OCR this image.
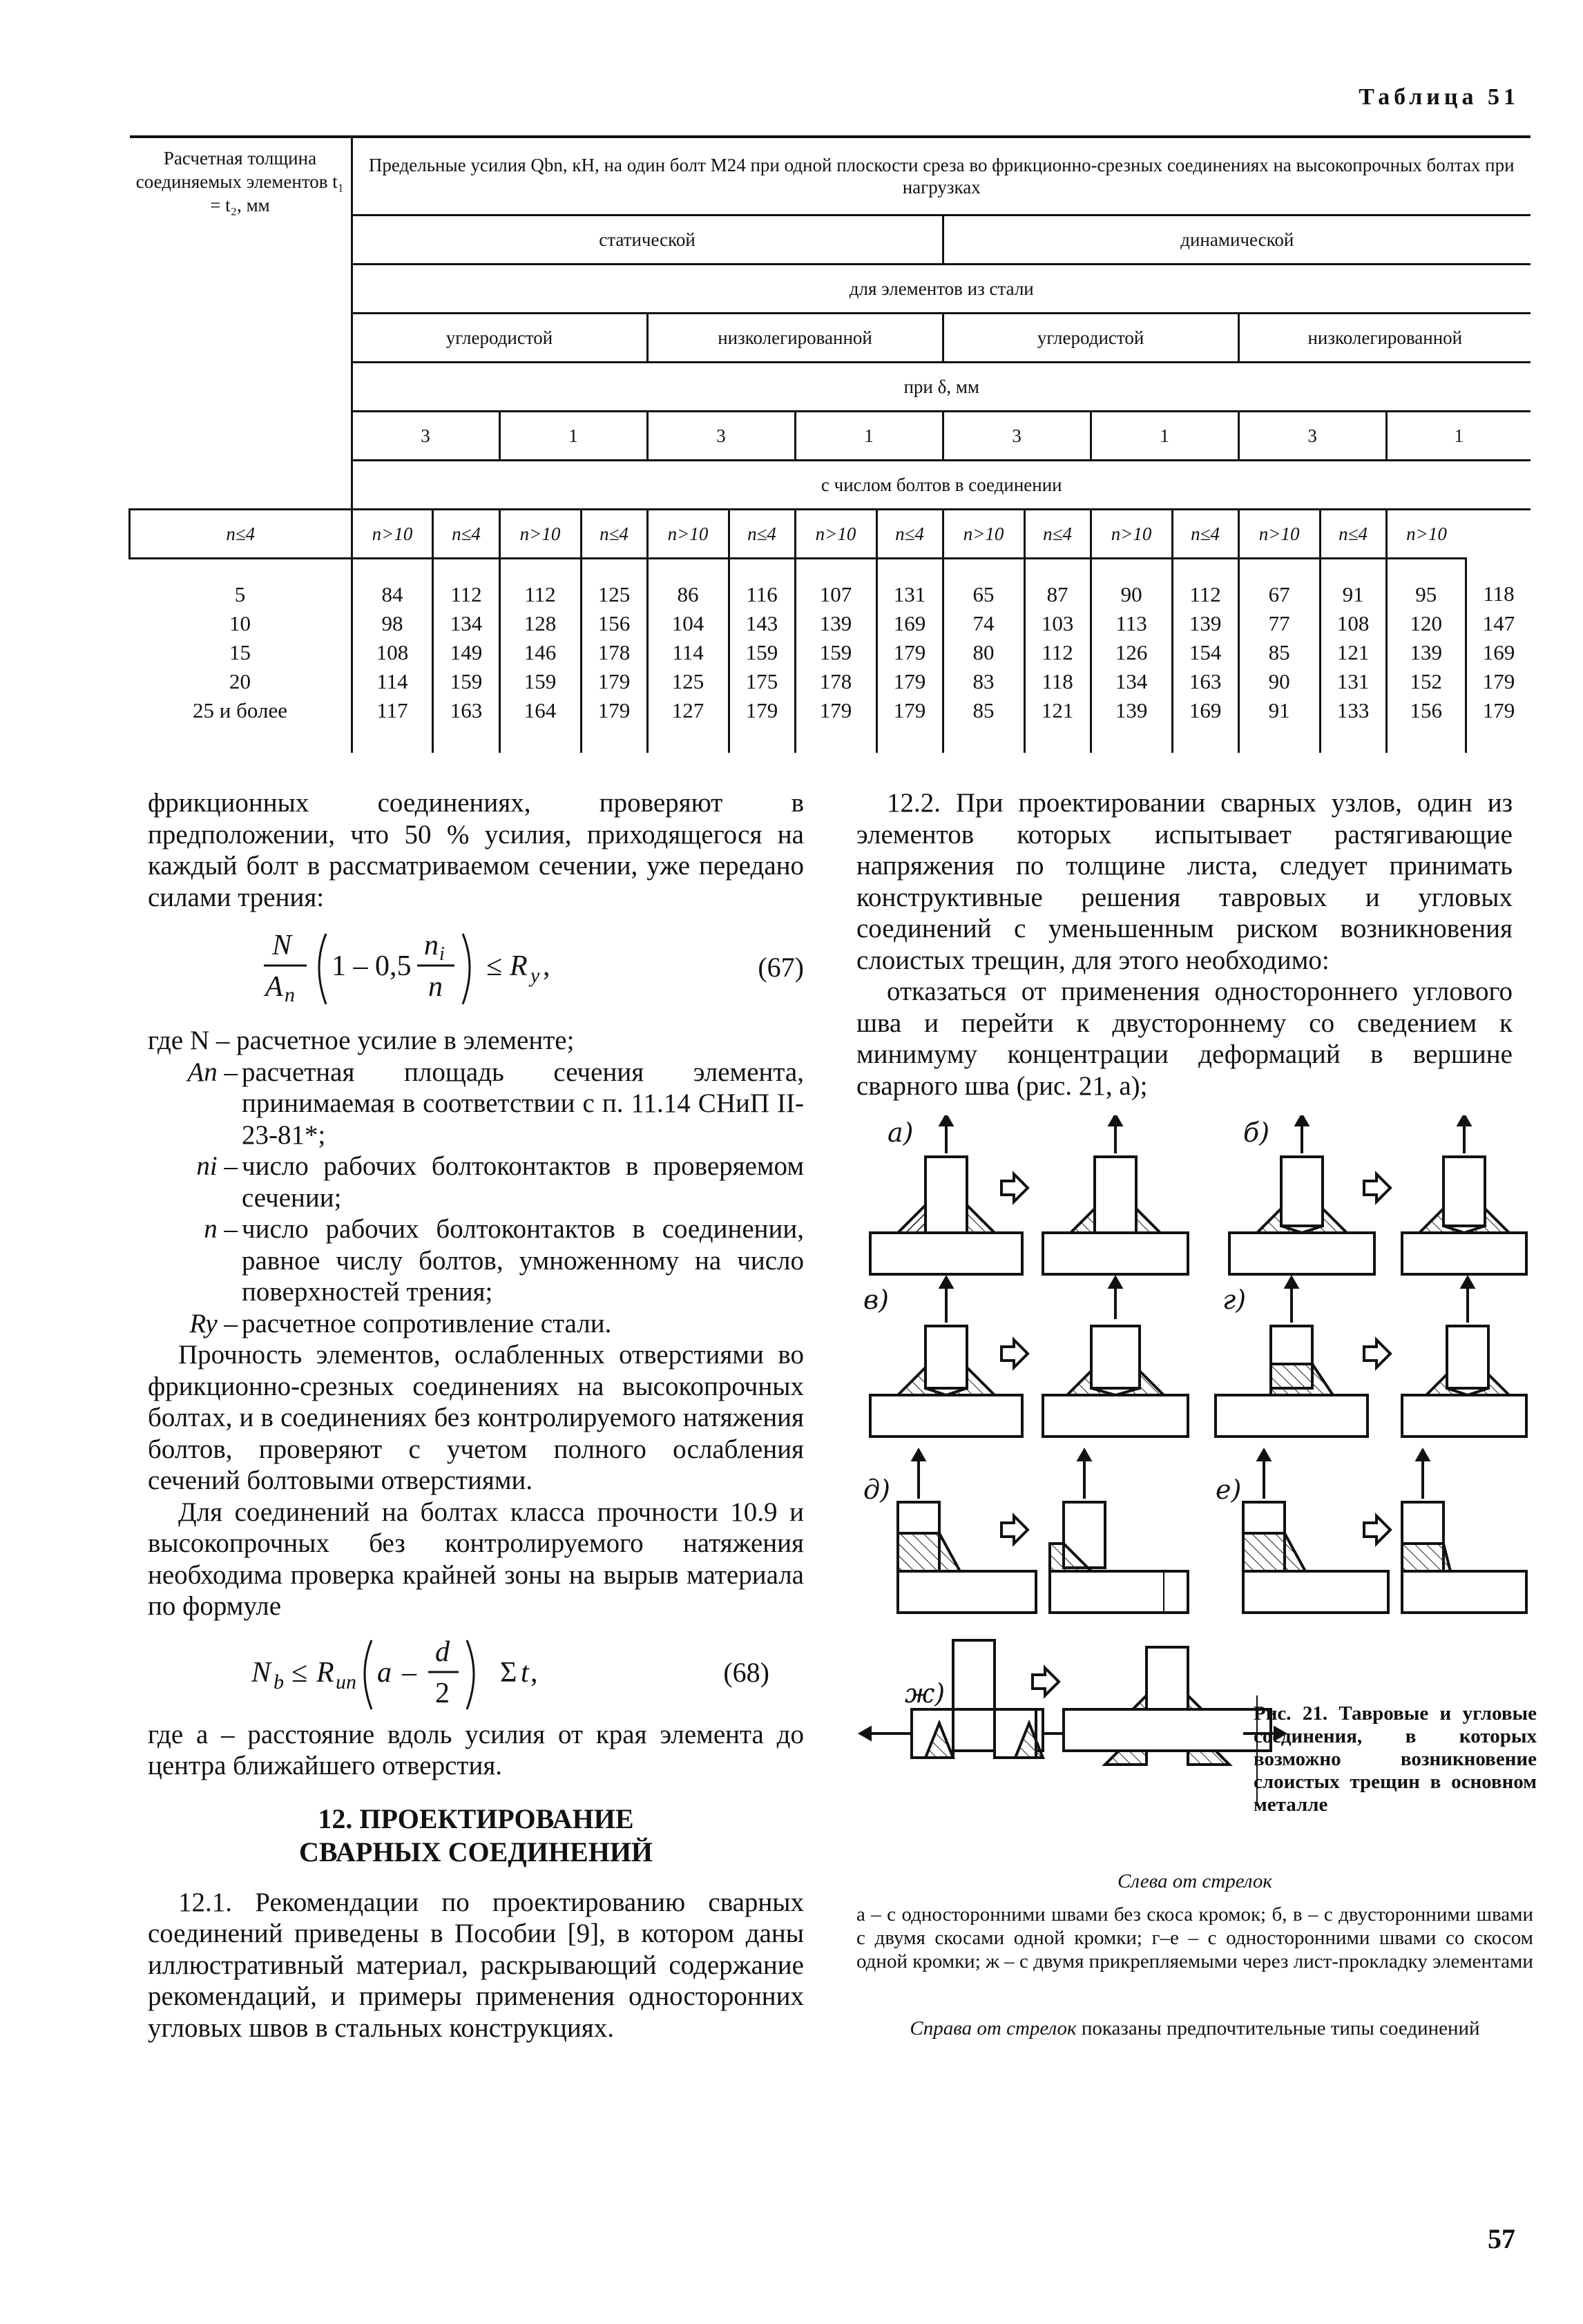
Таблица 51
Расчетная толщина соединяемых элементов t₁ = t₂, мм	Предельные усилия Qbn, кН, на один болт М24 при одной плоскости среза во фрикционно-срезных соединениях на высокопрочных болтах при нагрузках															
	статической								динамической							
	для элементов из стали															
	углеродистой				низколегированной				углеродистой				низколегированной			
	при δ, мм															
	3		1		3		1		3		1		3		1	
	с числом болтов в соединении															
n≤4	n>10	n≤4	n>10	n≤4	n>10	n≤4	n>10	n≤4	n>10	n≤4	n>10	n≤4	n>10	n≤4	n>10	
5	84	112	112	125	86	116	107	131	65	87	90	112	67	91	95	118
10	98	134	128	156	104	143	139	169	74	103	113	139	77	108	120	147
15	108	149	146	178	114	159	159	179	80	112	126	154	85	121	139	169
20	114	159	159	179	125	175	178	179	83	118	134	163	90	131	152	179
25 и более	117	163	164	179	127	179	179	179	85	121	139	169	91	133	156	179

фрикционных соединениях, проверяют в предположении, что 50 % усилия, приходящегося на каждый болт в рассматриваемом сечении, уже передано силами трения:

N
A n
1 – 0,5
n i
n
≤ R y ,	(67)

где N – расчетное усилие в элементе;

An – расчетная площадь сечения элемента, принимаемая в соответствии с п. 11.14 СНиП II-23-81*;
ni – число рабочих болтоконтактов в проверяемом сечении;
n – число рабочих болтоконтактов в соединении, равное числу болтов, умноженному на число поверхностей трения;
Ry – расчетное сопротивление стали.

Прочность элементов, ослабленных отверстиями во фрикционно-срезных соединениях на высокопрочных болтах, и в соединениях без контролируемого натяжения болтов, проверяют с учетом полного ослабления сечений болтовыми отверстиями.

Для соединений на болтах класса прочности 10.9 и высокопрочных без контролируемого натяжения необходима проверка крайней зоны на вырыв материала по формуле

N b ≤ R un a –
d
2
Σ t ,	(68)

где a – расстояние вдоль усилия от края элемента до центра ближайшего отверстия.

12. ПРОЕКТИРОВАНИЕ СВАРНЫХ СОЕДИНЕНИЙ

12.1. Рекомендации по проектированию сварных соединений приведены в Пособии [9], в котором даны иллюстративный материал, раскрывающий содержание рекомендаций, и примеры применения односторонних угловых швов в стальных конструкциях.

12.2. При проектировании сварных узлов, один из элементов которых испытывает растягивающие напряжения по толщине листа, следует принимать конструктивные решения тавровых и угловых соединений с уменьшенным риском возникновения слоистых трещин, для этого необходимо:

отказаться от применения одностороннего углового шва и перейти к двустороннему со сведением к минимуму концентрации деформаций в вершине сварного шва (рис. 21, а);

а)	б)
в)	г)
д)	е)
ж)
Рис. 21. Тавровые и угловые соединения, в которых возможно возникновение слоистых трещин в основном металле
Слева от стрелок
а – с односторонними швами без скоса кромок; б, в – с двусторонними швами с двумя скосами одной кромки; г–е – с односторонними швами со скосом одной кромки; ж – с двумя прикрепляемыми через лист-прокладку элементами
Справа от стрелок показаны предпочтительные типы соединений
57
